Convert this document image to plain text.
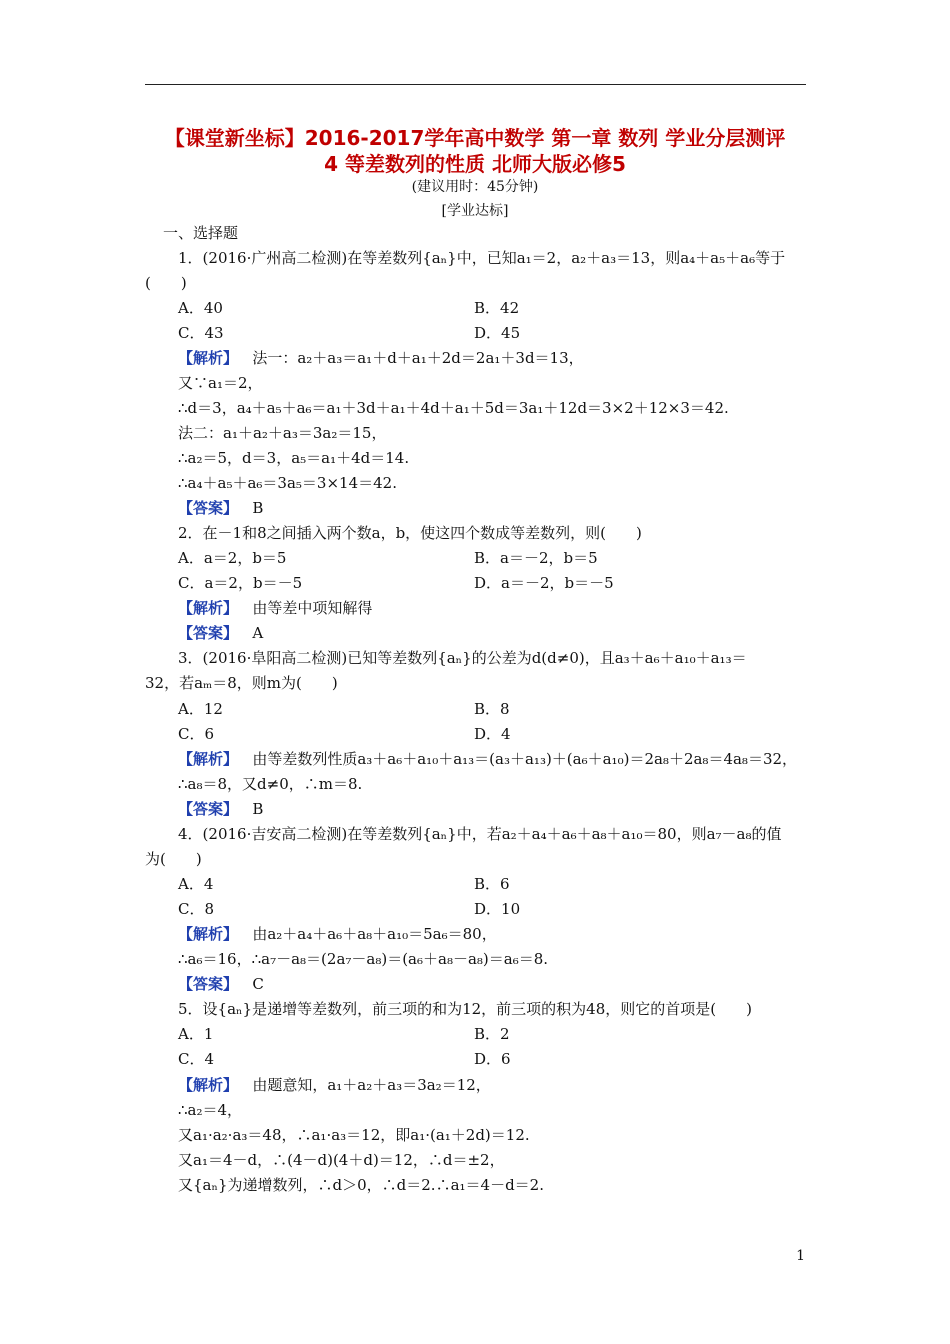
【课堂新坐标】2016-2017学年高中数学 第一章 数列 学业分层测评
4 等差数列的性质 北师大版必修5
(建议用时：45分钟)
[学业达标]
一、选择题
1．(2016·广州高二检测)在等差数列{aₙ}中，已知a₁＝2，a₂＋a₃＝13，则a₄＋a₅＋a₆等于
(　　)
A．40	B．42
C．43	D．45
【解析】 法一：a₂＋a₃＝a₁＋d＋a₁＋2d＝2a₁＋3d＝13，
又∵a₁＝2，
∴d＝3，a₄＋a₅＋a₆＝a₁＋3d＋a₁＋4d＋a₁＋5d＝3a₁＋12d＝3×2＋12×3＝42.
法二：a₁＋a₂＋a₃＝3a₂＝15，
∴a₂＝5，d＝3，a₅＝a₁＋4d＝14.
∴a₄＋a₅＋a₆＝3a₅＝3×14＝42.
【答案】 B
2．在－1和8之间插入两个数a，b，使这四个数成等差数列，则(　　)
A．a＝2，b＝5	B．a＝－2，b＝5
C．a＝2，b＝－5	D．a＝－2，b＝－5
【解析】 由等差中项知解得
【答案】 A
3．(2016·阜阳高二检测)已知等差数列{aₙ}的公差为d(d≠0)，且a₃＋a₆＋a₁₀＋a₁₃＝
32，若aₘ＝8，则m为(　　)
A．12	B．8
C．6	D．4
【解析】 由等差数列性质a₃＋a₆＋a₁₀＋a₁₃＝(a₃＋a₁₃)＋(a₆＋a₁₀)＝2a₈＋2a₈＝4a₈＝32，
∴a₈＝8，又d≠0，∴m＝8.
【答案】 B
4．(2016·吉安高二检测)在等差数列{aₙ}中，若a₂＋a₄＋a₆＋a₈＋a₁₀＝80，则a₇－a₈的值
为(　　)
A．4	B．6
C．8	D．10
【解析】 由a₂＋a₄＋a₆＋a₈＋a₁₀＝5a₆＝80，
∴a₆＝16，∴a₇－a₈＝(2a₇－a₈)＝(a₆＋a₈－a₈)＝a₆＝8.
【答案】 C
5．设{aₙ}是递增等差数列，前三项的和为12，前三项的积为48，则它的首项是(　　)
A．1	B．2
C．4	D．6
【解析】 由题意知，a₁＋a₂＋a₃＝3a₂＝12，
∴a₂＝4，
又a₁·a₂·a₃＝48，∴a₁·a₃＝12，即a₁·(a₁＋2d)＝12.
又a₁＝4－d，∴(4－d)(4＋d)＝12，∴d＝±2，
又{aₙ}为递增数列，∴d＞0，∴d＝2.∴a₁＝4－d＝2.
1
